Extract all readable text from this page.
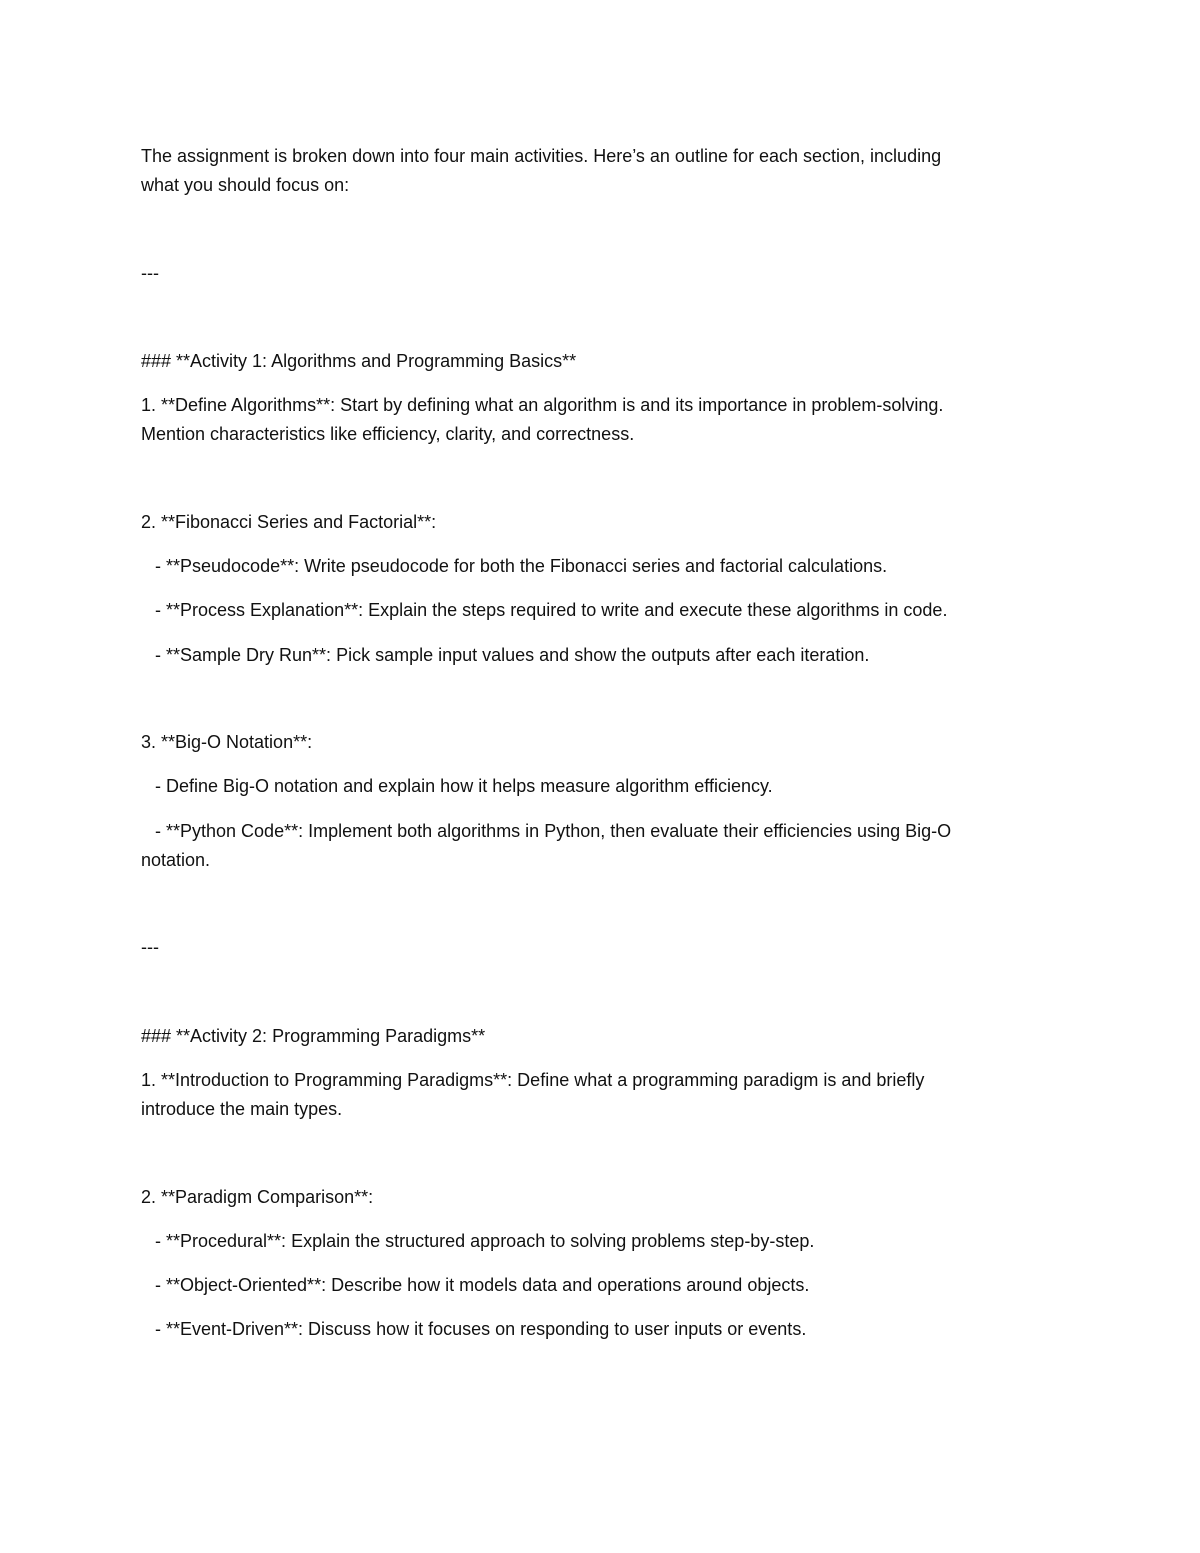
The assignment is broken down into four main activities. Here’s an outline for each section, including
what you should focus on:
---
### **Activity 1: Algorithms and Programming Basics**
1. **Define Algorithms**: Start by defining what an algorithm is and its importance in problem-solving.
Mention characteristics like efficiency, clarity, and correctness.
2. **Fibonacci Series and Factorial**:
- **Pseudocode**: Write pseudocode for both the Fibonacci series and factorial calculations.
- **Process Explanation**: Explain the steps required to write and execute these algorithms in code.
- **Sample Dry Run**: Pick sample input values and show the outputs after each iteration.
3. **Big-O Notation**:
- Define Big-O notation and explain how it helps measure algorithm efficiency.
- **Python Code**: Implement both algorithms in Python, then evaluate their efficiencies using Big-O
notation.
---
### **Activity 2: Programming Paradigms**
1. **Introduction to Programming Paradigms**: Define what a programming paradigm is and briefly
introduce the main types.
2. **Paradigm Comparison**:
- **Procedural**: Explain the structured approach to solving problems step-by-step.
- **Object-Oriented**: Describe how it models data and operations around objects.
- **Event-Driven**: Discuss how it focuses on responding to user inputs or events.
